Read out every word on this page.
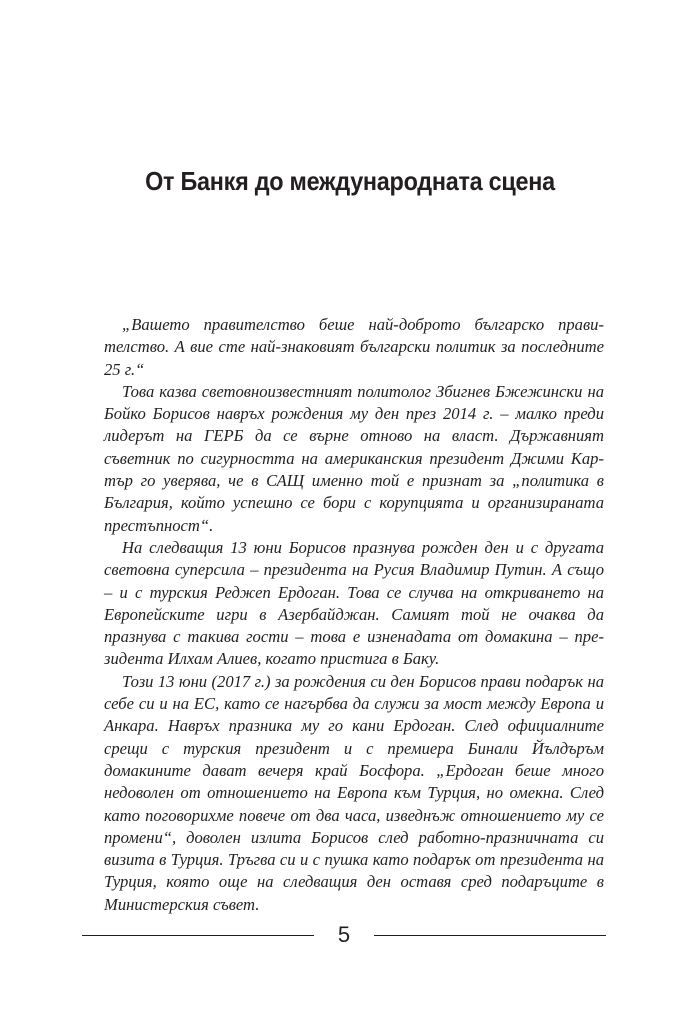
От Банкя до международната сцена

„Вашето правителство беше най-доброто българско правителство. А вие сте най-знаковият български политик за последните 25 г.“

Това казва световноизвестният политолог Збигнев Бжежински на Бойко Борисов навръх рождения му ден през 2014 г. – малко преди лидерът на ГЕРБ да се върне отново на власт. Държавният съветник по сигурността на американския президент Джими Картър го уверява, че в САЩ именно той е признат за „политика в България, който успешно се бори с корупцията и организираната престъпност“.

На следващия 13 юни Борисов празнува рожден ден и с другата световна суперсила – президента на Русия Владимир Путин. А също – и с турския Реджеп Ердоган. Това се случва на откриването на Европейските игри в Азербайджан. Самият той не очаква да празнува с такива гости – това е изненадата от домакина – президента Илхам Алиев, когато пристига в Баку.

Този 13 юни (2017 г.) за рождения си ден Борисов прави подарък на себе си и на ЕС, като се нагърбва да служи за мост между Европа и Анкара. Навръх празника му го кани Ердоган. След официалните срещи с турския президент и с премиера Бинали Йълдъръм домакините дават вечеря край Босфора. „Ердоган беше много недоволен от отношението на Европа към Турция, но омекна. След като поговорихме повече от два часа, изведнъж отношението му се промени“, доволен излита Борисов след работно-празничната си визита в Турция. Тръгва си и с пушка като подарък от президента на Турция, която още на следващия ден оставя сред подаръците в Министерския съвет.

5
